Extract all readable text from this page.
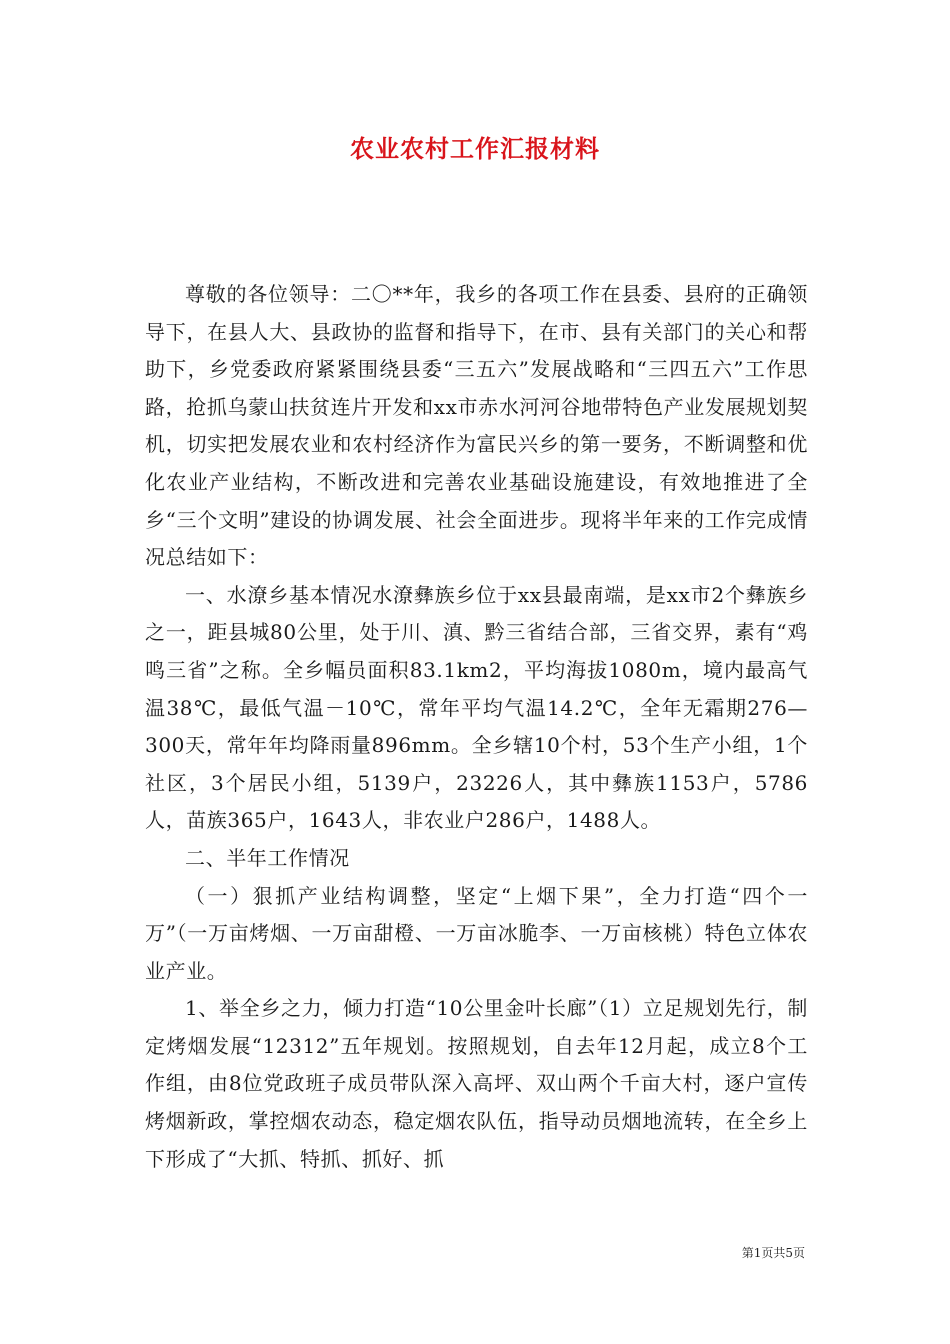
农业农村工作汇报材料

尊敬的各位领导：二〇**年，我乡的各项工作在县委、县府的正确领导下，在县人大、县政协的监督和指导下，在市、县有关部门的关心和帮助下，乡党委政府紧紧围绕县委“三五六”发展战略和“三四五六”工作思路，抢抓乌蒙山扶贫连片开发和xx市赤水河河谷地带特色产业发展规划契机，切实把发展农业和农村经济作为富民兴乡的第一要务，不断调整和优化农业产业结构，不断改进和完善农业基础设施建设，有效地推进了全乡“三个文明”建设的协调发展、社会全面进步。现将半年来的工作完成情况总结如下：

一、水潦乡基本情况水潦彝族乡位于xx县最南端，是xx市2个彝族乡之一，距县城80公里，处于川、滇、黔三省结合部，三省交界，素有“鸡鸣三省”之称。全乡幅员面积83.1km2，平均海拔1080m，境内最高气温38℃，最低气温－10℃，常年平均气温14.2℃，全年无霜期276—300天，常年年均降雨量896mm。全乡辖10个村，53个生产小组，1个社区，3个居民小组，5139户，23226人，其中彝族1153户，5786人，苗族365户，1643人，非农业户286户，1488人。

二、半年工作情况

（一）狠抓产业结构调整，坚定“上烟下果”，全力打造“四个一万”（一万亩烤烟、一万亩甜橙、一万亩冰脆李、一万亩核桃）特色立体农业产业。

1、举全乡之力，倾力打造“10公里金叶长廊”（1）立足规划先行，制定烤烟发展“12312”五年规划。按照规划，自去年12月起，成立8个工作组，由8位党政班子成员带队深入高坪、双山两个千亩大村，逐户宣传烤烟新政，掌控烟农动态，稳定烟农队伍，指导动员烟地流转，在全乡上下形成了“大抓、特抓、抓好、抓

第1页共5页
